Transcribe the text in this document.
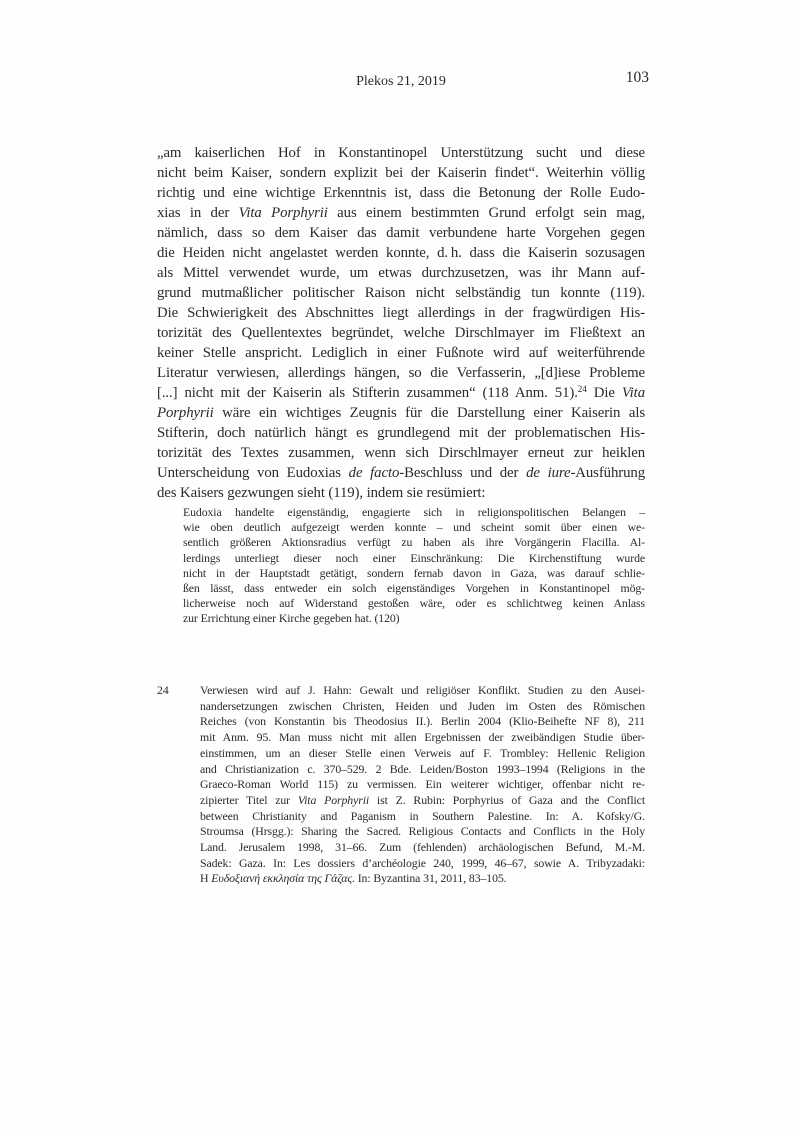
Plekos 21, 2019	103
„am kaiserlichen Hof in Konstantinopel Unterstützung sucht und diese
nicht beim Kaiser, sondern explizit bei der Kaiserin findet“. Weiterhin völlig
richtig und eine wichtige Erkenntnis ist, dass die Betonung der Rolle Eudo-
xias in der Vita Porphyrii aus einem bestimmten Grund erfolgt sein mag,
nämlich, dass so dem Kaiser das damit verbundene harte Vorgehen gegen
die Heiden nicht angelastet werden konnte, d. h. dass die Kaiserin sozusagen
als Mittel verwendet wurde, um etwas durchzusetzen, was ihr Mann auf-
grund mutmaßlicher politischer Raison nicht selbständig tun konnte (119).
Die Schwierigkeit des Abschnittes liegt allerdings in der fragwürdigen His-
torizität des Quellentextes begründet, welche Dirschlmayer im Fließtext an
keiner Stelle anspricht. Lediglich in einer Fußnote wird auf weiterführende
Literatur verwiesen, allerdings hängen, so die Verfasserin, „[d]iese Probleme
[...] nicht mit der Kaiserin als Stifterin zusammen“ (118 Anm. 51).$^{24}$ Die Vita
Porphyrii wäre ein wichtiges Zeugnis für die Darstellung einer Kaiserin als
Stifterin, doch natürlich hängt es grundlegend mit der problematischen His-
torizität des Textes zusammen, wenn sich Dirschlmayer erneut zur heiklen
Unterscheidung von Eudoxias de facto-Beschluss und der de iure-Ausführung
des Kaisers gezwungen sieht (119), indem sie resümiert:
Eudoxia handelte eigenständig, engagierte sich in religionspolitischen Belangen –
wie oben deutlich aufgezeigt werden konnte – und scheint somit über einen we-
sentlich größeren Aktionsradius verfügt zu haben als ihre Vorgängerin Flacilla. Al-
lerdings unterliegt dieser noch einer Einschränkung: Die Kirchenstiftung wurde
nicht in der Hauptstadt getätigt, sondern fernab davon in Gaza, was darauf schlie-
ßen lässt, dass entweder ein solch eigenständiges Vorgehen in Konstantinopel mög-
licherweise noch auf Widerstand gestoßen wäre, oder es schlichtweg keinen Anlass
zur Errichtung einer Kirche gegeben hat. (120)
24	Verwiesen wird auf J. Hahn: Gewalt und religiöser Konflikt. Studien zu den Ausei-
nandersetzungen zwischen Christen, Heiden und Juden im Osten des Römischen
Reiches (von Konstantin bis Theodosius II.). Berlin 2004 (Klio-Beihefte NF 8), 211
mit Anm. 95. Man muss nicht mit allen Ergebnissen der zweibändigen Studie über-
einstimmen, um an dieser Stelle einen Verweis auf F. Trombley: Hellenic Religion
and Christianization c. 370–529. 2 Bde. Leiden/Boston 1993–1994 (Religions in the
Graeco-Roman World 115) zu vermissen. Ein weiterer wichtiger, offenbar nicht re-
zipierter Titel zur Vita Porphyrii ist Z. Rubin: Porphyrius of Gaza and the Conflict
between Christianity and Paganism in Southern Palestine. In: A. Kofsky/G.
Stroumsa (Hrsgg.): Sharing the Sacred. Religious Contacts and Conflicts in the Holy
Land. Jerusalem 1998, 31–66. Zum (fehlenden) archäologischen Befund, M.-M.
Sadek: Gaza. In: Les dossiers d’archéologie 240, 1999, 46–67, sowie A. Tribyzadaki:
Η Ευδοξιανή εκκλησία της Γάζας. In: Byzantina 31, 2011, 83–105.
